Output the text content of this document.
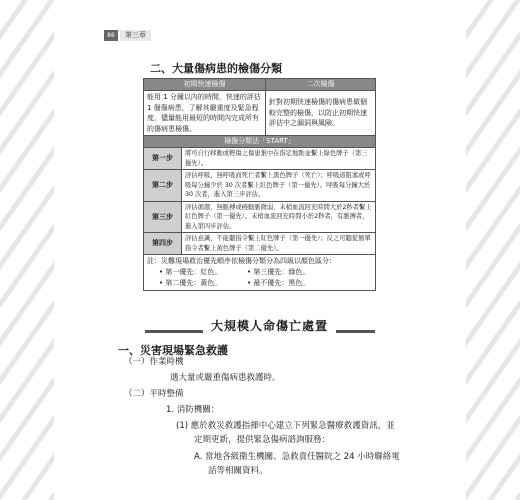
86	第三章
二、大量傷病患的檢傷分類
初期快速檢傷		二次檢傷
能用 1 分鐘以內的時間，快速的評估 1 個傷病患，了解其嚴重度及緊急程度，儘量能用最短的時間內完成所有的傷病患檢傷。		針對初期快速檢傷的傷病患做個較完整的檢傷，以防止初期快速評估中之漏洞與風險。
檢傷分類法「START」		
第一步	將可自行移動或輕傷之傷患集中在指定地點並繫上綠色牌子（第三優先）。	
第二步	評估呼吸，無呼吸而死亡者繫上黑色牌子（死亡）；呼吸道阻塞或呼吸每分鐘少於 30 次者繫上紅色牌子（第一優先）。呼吸每分鐘大於 30 次者，進入第三步評估。	
第三步	評估循環，無脈搏或橈動脈微弱、末梢血流回充時間大於2秒者繫上紅色牌子（第一優先）。末梢血流回充時間小於2秒者，有脈搏者，進入第四步評估。	
第四步	評估意識，不能聽指令繫上紅色牌子（第一優先）；反之可聽從簡單指令者繫上黃色牌子（第二優先）。	

註：災難現場救治優先順序依檢傷分類分為四級以顏色區分：
• 第一優先：紅色。 • 第三優先：綠色。
• 第二優先：黃色。 • 最不優先：黑色。		
大規模人命傷亡處置
一、災害現場緊急救護
（一）作業時機
遇大量或嚴重傷病患救護時。
（二）平時整備
1. 消防機關：
(1) 應於救災救護指揮中心建立下列緊急醫療救護資訊，並
定期更新，提供緊急傷病諮詢服務：
A. 當地各級衛生機關、急救責任醫院之 24 小時聯絡電
話等相關資料。
